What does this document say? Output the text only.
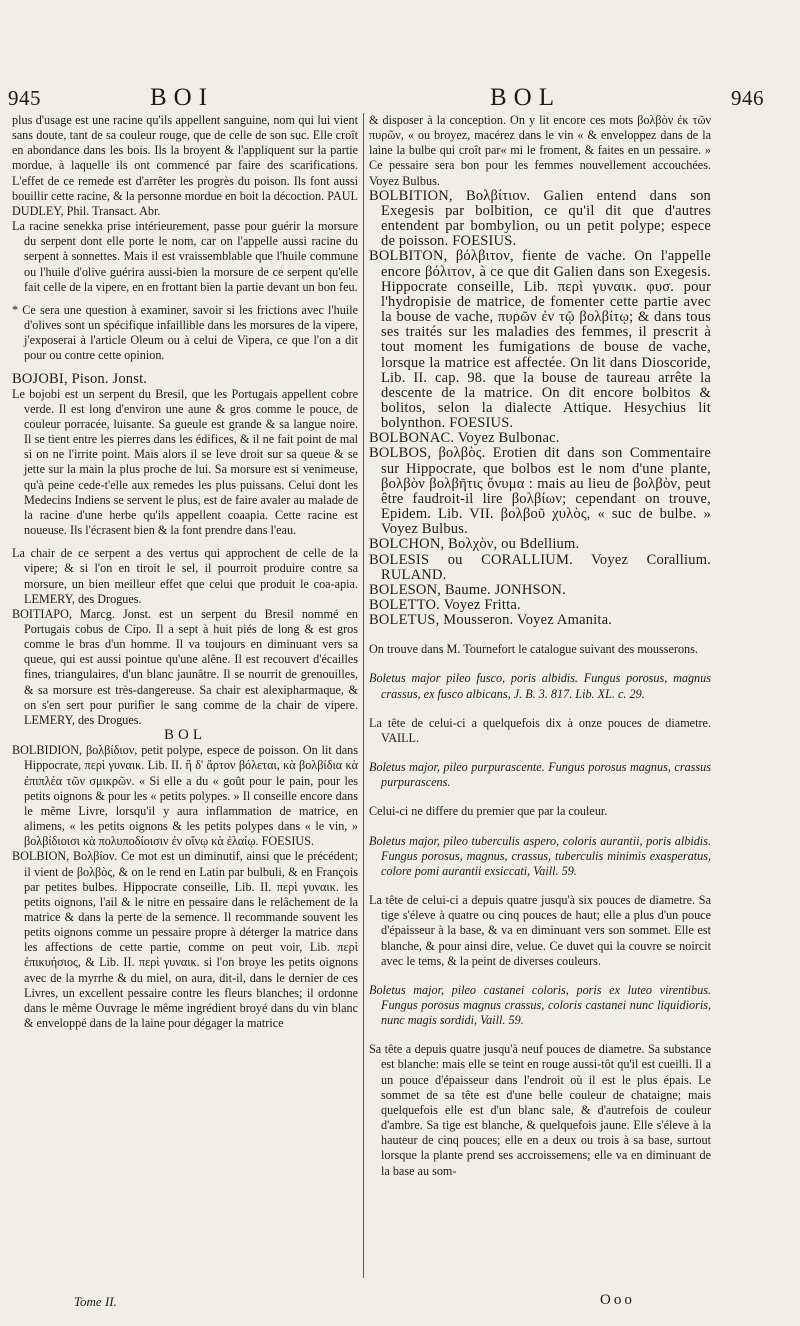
945	BOI	BOL	946

plus d'usage est une racine qu'ils appellent sanguine, nom qui lui vient sans doute, tant de sa couleur rouge, que de celle de son suc. Elle croît en abondance dans les bois. Ils la broyent & l'appliquent sur la partie mordue, à laquelle ils ont commencé par faire des scarifications. L'effet de ce remede est d'arrêter les progrès du poison. Ils font aussi bouillir cette racine, & la personne mordue en boit la décoction. PAUL DUDLEY, Phil. Transact. Abr.

La racine senekka prise intérieurement, passe pour guérir la morsure du serpent dont elle porte le nom, car on l'appelle aussi racine du serpent à sonnettes. Mais il est vraissemblable que l'huile commune ou l'huile d'olive guérira aussi-bien la morsure de ce serpent qu'elle fait celle de la vipere, en en frottant bien la partie devant un bon feu.

* Ce sera une question à examiner, savoir si les frictions avec l'huile d'olives sont un spécifique infaillible dans les morsures de la vipere, j'exposerai à l'article Oleum ou à celui de Vipera, ce que l'on a dit pour ou contre cette opinion.

BOJOBI, Pison. Jonst.

Le bojobi est un serpent du Bresil, que les Portugais appellent cobre verde. Il est long d'environ une aune & gros comme le pouce, de couleur porracée, luisante. Sa gueule est grande & sa langue noire. Il se tient entre les pierres dans les édifices, & il ne fait point de mal si on ne l'irrite point. Mais alors il se leve droit sur sa queue & se jette sur la main la plus proche de lui. Sa morsure est si venimeuse, qu'à peine cede-t'elle aux remedes les plus puissans. Celui dont les Medecins Indiens se servent le plus, est de faire avaler au malade de la racine d'une herbe qu'ils appellent coaapia. Cette racine est noueuse. Ils l'écrasent bien & la font prendre dans l'eau.

La chair de ce serpent a des vertus qui approchent de celle de la vipere; & si l'on en tiroit le sel, il pourroit produire contre sa morsure, un bien meilleur effet que celui que produit le coa-apia. LEMERY, des Drogues.

BOITIAPO, Marcg. Jonst. est un serpent du Bresil nommé en Portugais cobus de Cipo. Il a sept à huit piés de long & est gros comme le bras d'un homme. Il va toujours en diminuant vers sa queue, qui est aussi pointue qu'une alêne. Il est recouvert d'écailles fines, triangulaires, d'un blanc jaunâtre. Il se nourrit de grenouilles, & sa morsure est très-dangereuse. Sa chair est alexipharmaque, & on s'en sert pour purifier le sang comme de la chair de vipere. LEMERY, des Drogues.

BOL

BOLBIDION, βολβίδιον, petit polype, espece de poisson. On lit dans Hippocrate, περὶ γυναικ. Lib. II. ἢ δ' ἄρτον βόλεται, κὰ βολβίδια κὰ ἐπιπλέα τῶν σμικρῶν. « Si elle a du « goût pour le pain, pour les petits oignons & pour les « petits polypes. » Il conseille encore dans le même Livre, lorsqu'il y aura inflammation de matrice, en alimens, « les petits oignons & les petits polypes dans « le vin, » βολβίδιοισι κὰ πολυποδίοισιν ἐν οἴνῳ κὰ ἐλαίῳ. FOESIUS.

BOLBION, Βολβίον. Ce mot est un diminutif, ainsi que le précédent; il vient de βολβὸς, & on le rend en Latin par bulbuli, & en François par petites bulbes. Hippocrate conseille, Lib. II. περὶ γυναικ. les petits oignons, l'ail & le nitre en pessaire dans le relâchement de la matrice & dans la perte de la semence. Il recommande souvent les petits oignons comme un pessaire propre à déterger la matrice dans les affections de cette partie, comme on peut voir, Lib. περὶ ἐπικυήσιος, & Lib. II. περὶ γυναικ. si l'on broye les petits oignons avec de la myrrhe & du miel, on aura, dit-il, dans le dernier de ces Livres, un excellent pessaire contre les fleurs blanches; il ordonne dans le même Ouvrage le même ingrédient broyé dans du vin blanc & enveloppé dans de la laine pour dégager la matrice

& disposer à la conception. On y lit encore ces mots βολβὸν ἐκ τῶν πυρῶν, « ou broyez, macérez dans le vin « & enveloppez dans de la laine la bulbe qui croît par« mi le froment, & faites en un pessaire. » Ce pessaire sera bon pour les femmes nouvellement accouchées. Voyez Bulbus.

BOLBITION, Βολβίτιον. Galien entend dans son Exegesis par bolbition, ce qu'il dit que d'autres entendent par bombylion, ou un petit polype; espece de poisson. FOESIUS.

BOLBITON, βόλβιτον, fiente de vache. On l'appelle encore βόλιτον, à ce que dit Galien dans son Exegesis. Hippocrate conseille, Lib. περὶ γυναικ. φυσ. pour l'hydropisie de matrice, de fomenter cette partie avec la bouse de vache, πυρῶν ἐν τῷ βολβίτῳ; & dans tous ses traités sur les maladies des femmes, il prescrit à tout moment les fumigations de bouse de vache, lorsque la matrice est affectée. On lit dans Dioscoride, Lib. II. cap. 98. que la bouse de taureau arrête la descente de la matrice. On dit encore bolbitos & bolitos, selon la dialecte Attique. Hesychius lit bolynthon. FOESIUS.

BOLBONAC. Voyez Bulbonac.

BOLBOS, βολβὸς. Erotien dit dans son Commentaire sur Hippocrate, que bolbos est le nom d'une plante, βολβὸν βολβῆτις ὄνυμα : mais au lieu de βολβὸν, peut être faudroit-il lire βολβίων; cependant on trouve, Epidem. Lib. VII. βολβοῦ χυλὸς, « suc de bulbe. » Voyez Bulbus.

BOLCHON, Βολχὸν, ou Bdellium.

BOLESIS ou CORALLIUM. Voyez Corallium. RULAND.

BOLESON, Baume. JONHSON.

BOLETTO. Voyez Fritta.

BOLETUS, Mousseron. Voyez Amanita.

On trouve dans M. Tournefort le catalogue suivant des mousserons.

Boletus major pileo fusco, poris albidis. Fungus porosus, magnus crassus, ex fusco albicans, J. B. 3. 817. Lib. XL. c. 29.

La tête de celui-ci a quelquefois dix à onze pouces de diametre. VAILL.

Boletus major, pileo purpurascente. Fungus porosus magnus, crassus purpurascens.

Celui-ci ne differe du premier que par la couleur.

Boletus major, pileo tuberculis aspero, coloris aurantii, poris albidis. Fungus porosus, magnus, crassus, tuberculis minimis exasperatus, colore pomi aurantii exsiccati, Vaill. 59.

La tête de celui-ci a depuis quatre jusqu'à six pouces de diametre. Sa tige s'éleve à quatre ou cinq pouces de haut; elle a plus d'un pouce d'épaisseur à la base, & va en diminuant vers son sommet. Elle est blanche, & pour ainsi dire, velue. Ce duvet qui la couvre se noircit avec le tems, & la peint de diverses couleurs.

Boletus major, pileo castanei coloris, poris ex luteo virentibus. Fungus porosus magnus crassus, coloris castanei nunc liquidioris, nunc magis sordidi, Vaill. 59.

Sa tête a depuis quatre jusqu'à neuf pouces de diametre. Sa substance est blanche: mais elle se teint en rouge aussi-tôt qu'il est cueilli. Il a un pouce d'épaisseur dans l'endroit où il est le plus épais. Le sommet de sa tête est d'une belle couleur de chataigne; mais quelquefois elle est d'un blanc sale, & d'autrefois de couleur d'ambre. Sa tige est blanche, & quelquefois jaune. Elle s'éleve à la hauteur de cinq pouces; elle en a deux ou trois à sa base, surtout lorsque la plante prend ses accroissemens; elle va en diminuant de la base au som-

Tome II.	Ooo
